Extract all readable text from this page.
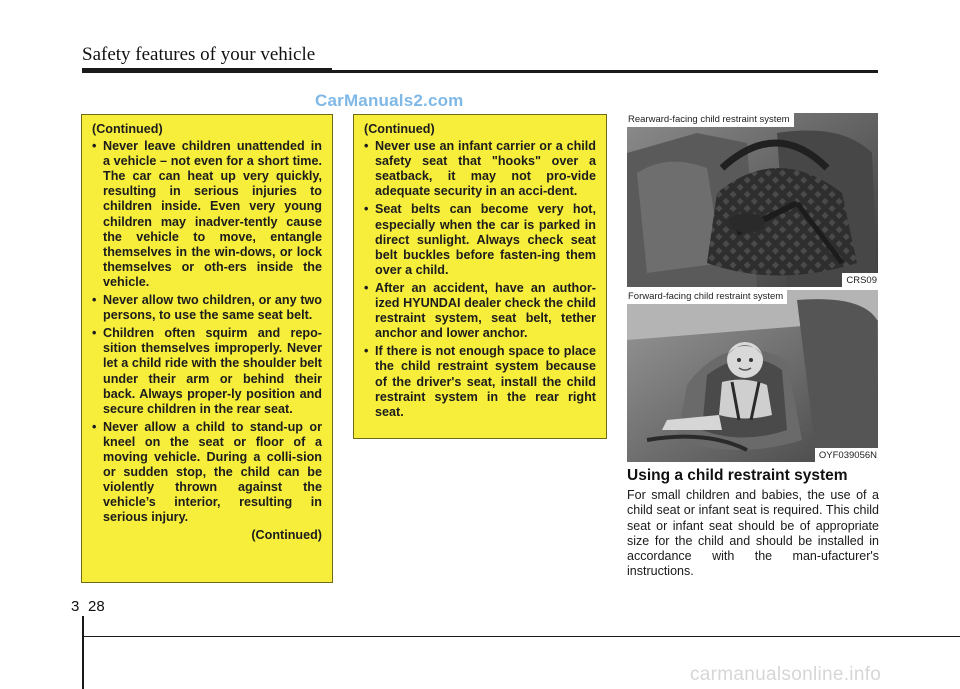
Safety features of your vehicle
CarManuals2.com
(Continued)
• Never leave children unattended in a vehicle – not even for a short time. The car can heat up very quickly, resulting in serious injuries to children inside. Even very young children may inadver-tently cause the vehicle to move, entangle themselves in the win-dows, or lock themselves or oth-ers inside the vehicle.
• Never allow two children, or any two persons, to use the same seat belt.
• Children often squirm and repo-sition themselves improperly. Never let a child ride with the shoulder belt under their arm or behind their back. Always proper-ly position and secure children in the rear seat.
• Never allow a child to stand-up or kneel on the seat or floor of a moving vehicle. During a colli-sion or sudden stop, the child can be violently thrown against the vehicle’s interior, resulting in serious injury.
(Continued)
(Continued)
• Never use an infant carrier or a child safety seat that "hooks" over a seatback, it may not pro-vide adequate security in an acci-dent.
• Seat belts can become very hot, especially when the car is parked in direct sunlight. Always check seat belt buckles before fasten-ing them over a child.
• After an accident, have an author-ized HYUNDAI dealer check the child restraint system, seat belt, tether anchor and lower anchor.
• If there is not enough space to place the child restraint system because of the driver's seat, install the child restraint system in the rear right seat.
Rearward-facing child restraint system
CRS09
Forward-facing child restraint system
OYF039056N
Using a child restraint system
For small children and babies, the use of a child seat or infant seat is required. This child seat or infant seat should be of appropriate size for the child and should be installed in accordance with the man-ufacturer's instructions.
3 28
carmanualsonline.info
